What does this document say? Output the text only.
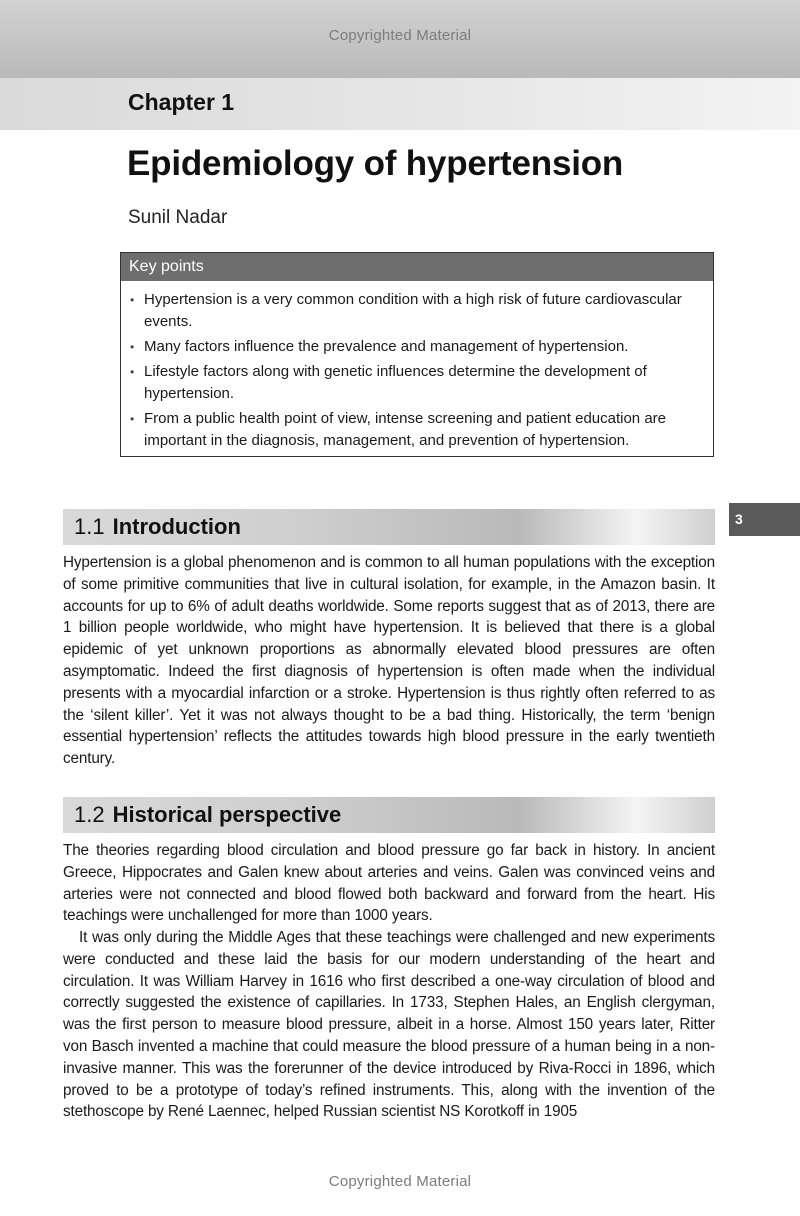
Copyrighted Material
Chapter 1
Epidemiology of hypertension
Sunil Nadar
Key points
• Hypertension is a very common condition with a high risk of future cardiovascular events.
• Many factors influence the prevalence and management of hypertension.
• Lifestyle factors along with genetic influences determine the development of hypertension.
• From a public health point of view, intense screening and patient education are important in the diagnosis, management, and prevention of hypertension.
3
1.1 Introduction

Hypertension is a global phenomenon and is common to all human populations with the exception of some primitive communities that live in cultural isolation, for example, in the Amazon basin. It accounts for up to 6% of adult deaths worldwide. Some reports suggest that as of 2013, there are 1 billion people worldwide, who might have hypertension. It is believed that there is a global epidemic of yet unknown proportions as abnormally elevated blood pressures are often asymptomatic. Indeed the first diagnosis of hypertension is often made when the individual presents with a myocardial infarction or a stroke. Hypertension is thus rightly often referred to as the ‘silent killer’. Yet it was not always thought to be a bad thing. Historically, the term ‘benign essential hypertension’ reflects the attitudes towards high blood pressure in the early twentieth century.

1.2 Historical perspective

The theories regarding blood circulation and blood pressure go far back in history. In ancient Greece, Hippocrates and Galen knew about arteries and veins. Galen was convinced veins and arteries were not connected and blood flowed both backward and forward from the heart. His teachings were unchallenged for more than 1000 years.

It was only during the Middle Ages that these teachings were challenged and new experiments were conducted and these laid the basis for our modern understanding of the heart and circulation. It was William Harvey in 1616 who first described a one-way circulation of blood and correctly suggested the existence of capillaries. In 1733, Stephen Hales, an English clergyman, was the first person to measure blood pressure, albeit in a horse. Almost 150 years later, Ritter von Basch invented a machine that could measure the blood pressure of a human being in a non-invasive manner. This was the forerunner of the device introduced by Riva-Rocci in 1896, which proved to be a prototype of today’s refined instruments. This, along with the invention of the stethoscope by René Laennec, helped Russian scientist NS Korotkoff in 1905

Copyrighted Material
